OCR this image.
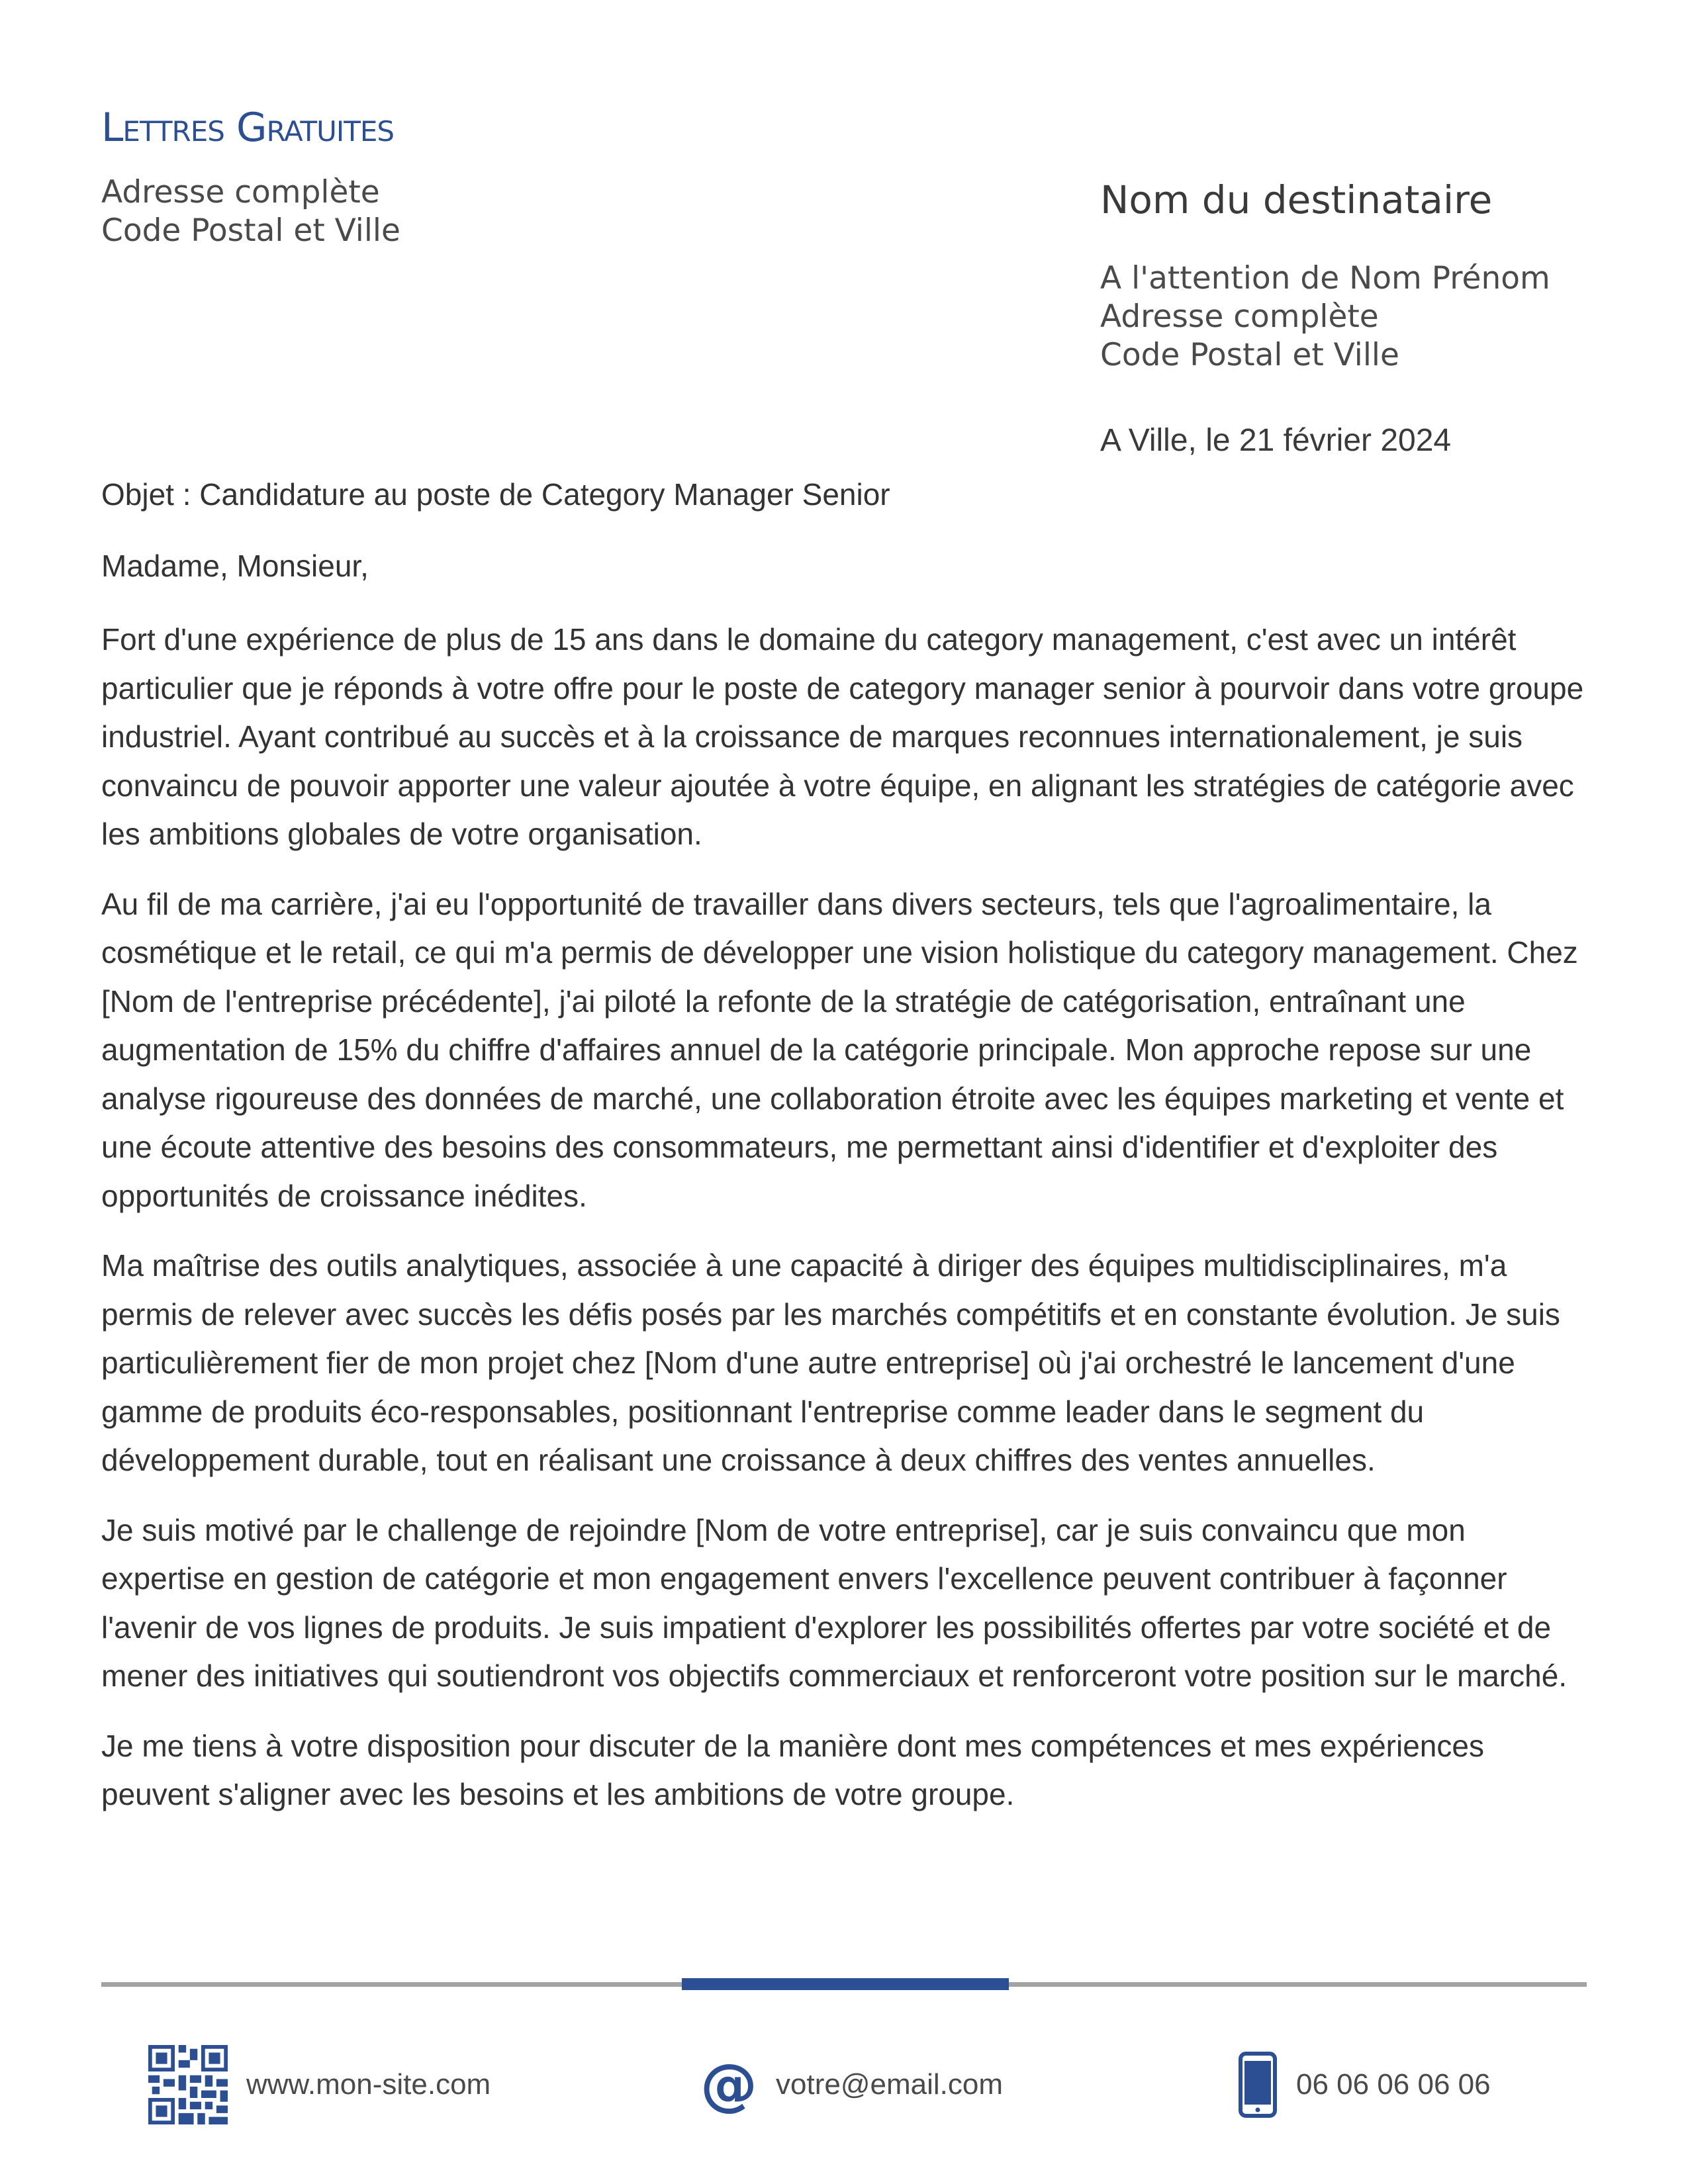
Lettres Gratuites
Adresse complète
Code Postal et Ville
Nom du destinataire
A l'attention de Nom Prénom
Adresse complète
Code Postal et Ville
A Ville, le 21 février 2024
Objet : Candidature au poste de Category Manager Senior
Madame, Monsieur,

Fort d'une expérience de plus de 15 ans dans le domaine du category management, c'est avec un intérêt particulier que je réponds à votre offre pour le poste de category manager senior à pourvoir dans votre groupe industriel. Ayant contribué au succès et à la croissance de marques reconnues internationalement, je suis convaincu de pouvoir apporter une valeur ajoutée à votre équipe, en alignant les stratégies de catégorie avec les ambitions globales de votre organisation.

Au fil de ma carrière, j'ai eu l'opportunité de travailler dans divers secteurs, tels que l'agroalimentaire, la cosmétique et le retail, ce qui m'a permis de développer une vision holistique du category management. Chez [Nom de l'entreprise précédente], j'ai piloté la refonte de la stratégie de catégorisation, entraînant une augmentation de 15% du chiffre d'affaires annuel de la catégorie principale. Mon approche repose sur une analyse rigoureuse des données de marché, une collaboration étroite avec les équipes marketing et vente et une écoute attentive des besoins des consommateurs, me permettant ainsi d'identifier et d'exploiter des opportunités de croissance inédites.

Ma maîtrise des outils analytiques, associée à une capacité à diriger des équipes multidisciplinaires, m'a permis de relever avec succès les défis posés par les marchés compétitifs et en constante évolution. Je suis particulièrement fier de mon projet chez [Nom d'une autre entreprise] où j'ai orchestré le lancement d'une gamme de produits éco-responsables, positionnant l'entreprise comme leader dans le segment du développement durable, tout en réalisant une croissance à deux chiffres des ventes annuelles.

Je suis motivé par le challenge de rejoindre [Nom de votre entreprise], car je suis convaincu que mon expertise en gestion de catégorie et mon engagement envers l'excellence peuvent contribuer à façonner l'avenir de vos lignes de produits. Je suis impatient d'explorer les possibilités offertes par votre société et de mener des initiatives qui soutiendront vos objectifs commerciaux et renforceront votre position sur le marché.

Je me tiens à votre disposition pour discuter de la manière dont mes compétences et mes expériences peuvent s'aligner avec les besoins et les ambitions de votre groupe.

www.mon-site.com	@ votre@email.com	06 06 06 06 06
